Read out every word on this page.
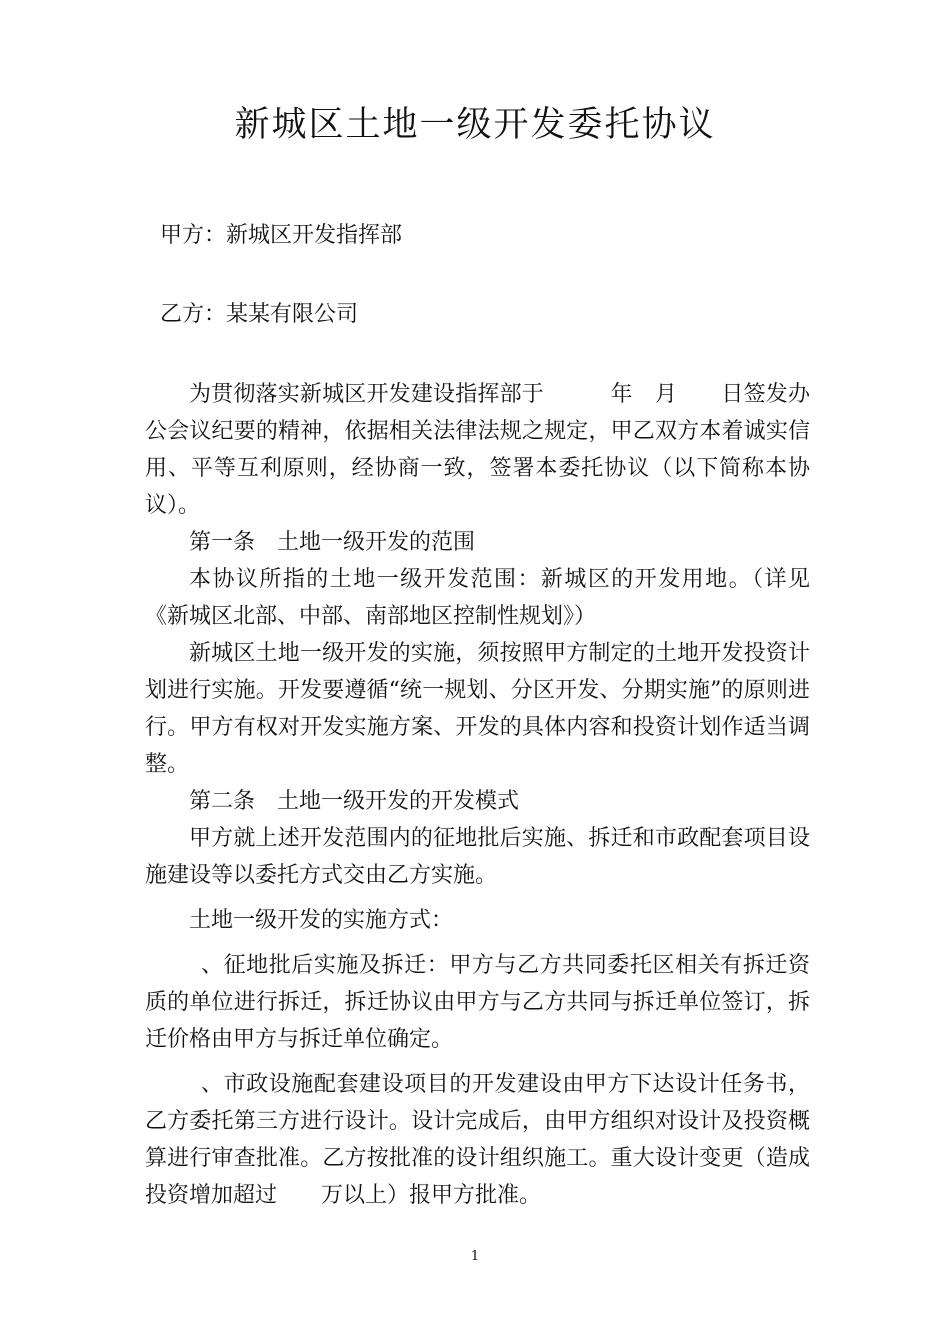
新城区土地一级开发委托协议
甲方：新城区开发指挥部
乙方：某某有限公司

为贯彻落实新城区开发建设指挥部于　　　年　月　　日签发办公会议纪要的精神，依据相关法律法规之规定，甲乙双方本着诚实信用、平等互利原则，经协商一致，签署本委托协议（以下简称本协议）。

第一条 土地一级开发的范围

本协议所指的土地一级开发范围：新城区的开发用地。（详见《新城区北部、中部、南部地区控制性规划》）

新城区土地一级开发的实施，须按照甲方制定的土地开发投资计划进行实施。开发要遵循“统一规划、分区开发、分期实施”的原则进行。甲方有权对开发实施方案、开发的具体内容和投资计划作适当调整。

第二条 土地一级开发的开发模式

甲方就上述开发范围内的征地批后实施、拆迁和市政配套项目设施建设等以委托方式交由乙方实施。

土地一级开发的实施方式：

、征地批后实施及拆迁：甲方与乙方共同委托区相关有拆迁资质的单位进行拆迁，拆迁协议由甲方与乙方共同与拆迁单位签订，拆迁价格由甲方与拆迁单位确定。

、市政设施配套建设项目的开发建设由甲方下达设计任务书，乙方委托第三方进行设计。设计完成后，由甲方组织对设计及投资概算进行审查批准。乙方按批准的设计组织施工。重大设计变更（造成投资增加超过　　万以上）报甲方批准。

1
